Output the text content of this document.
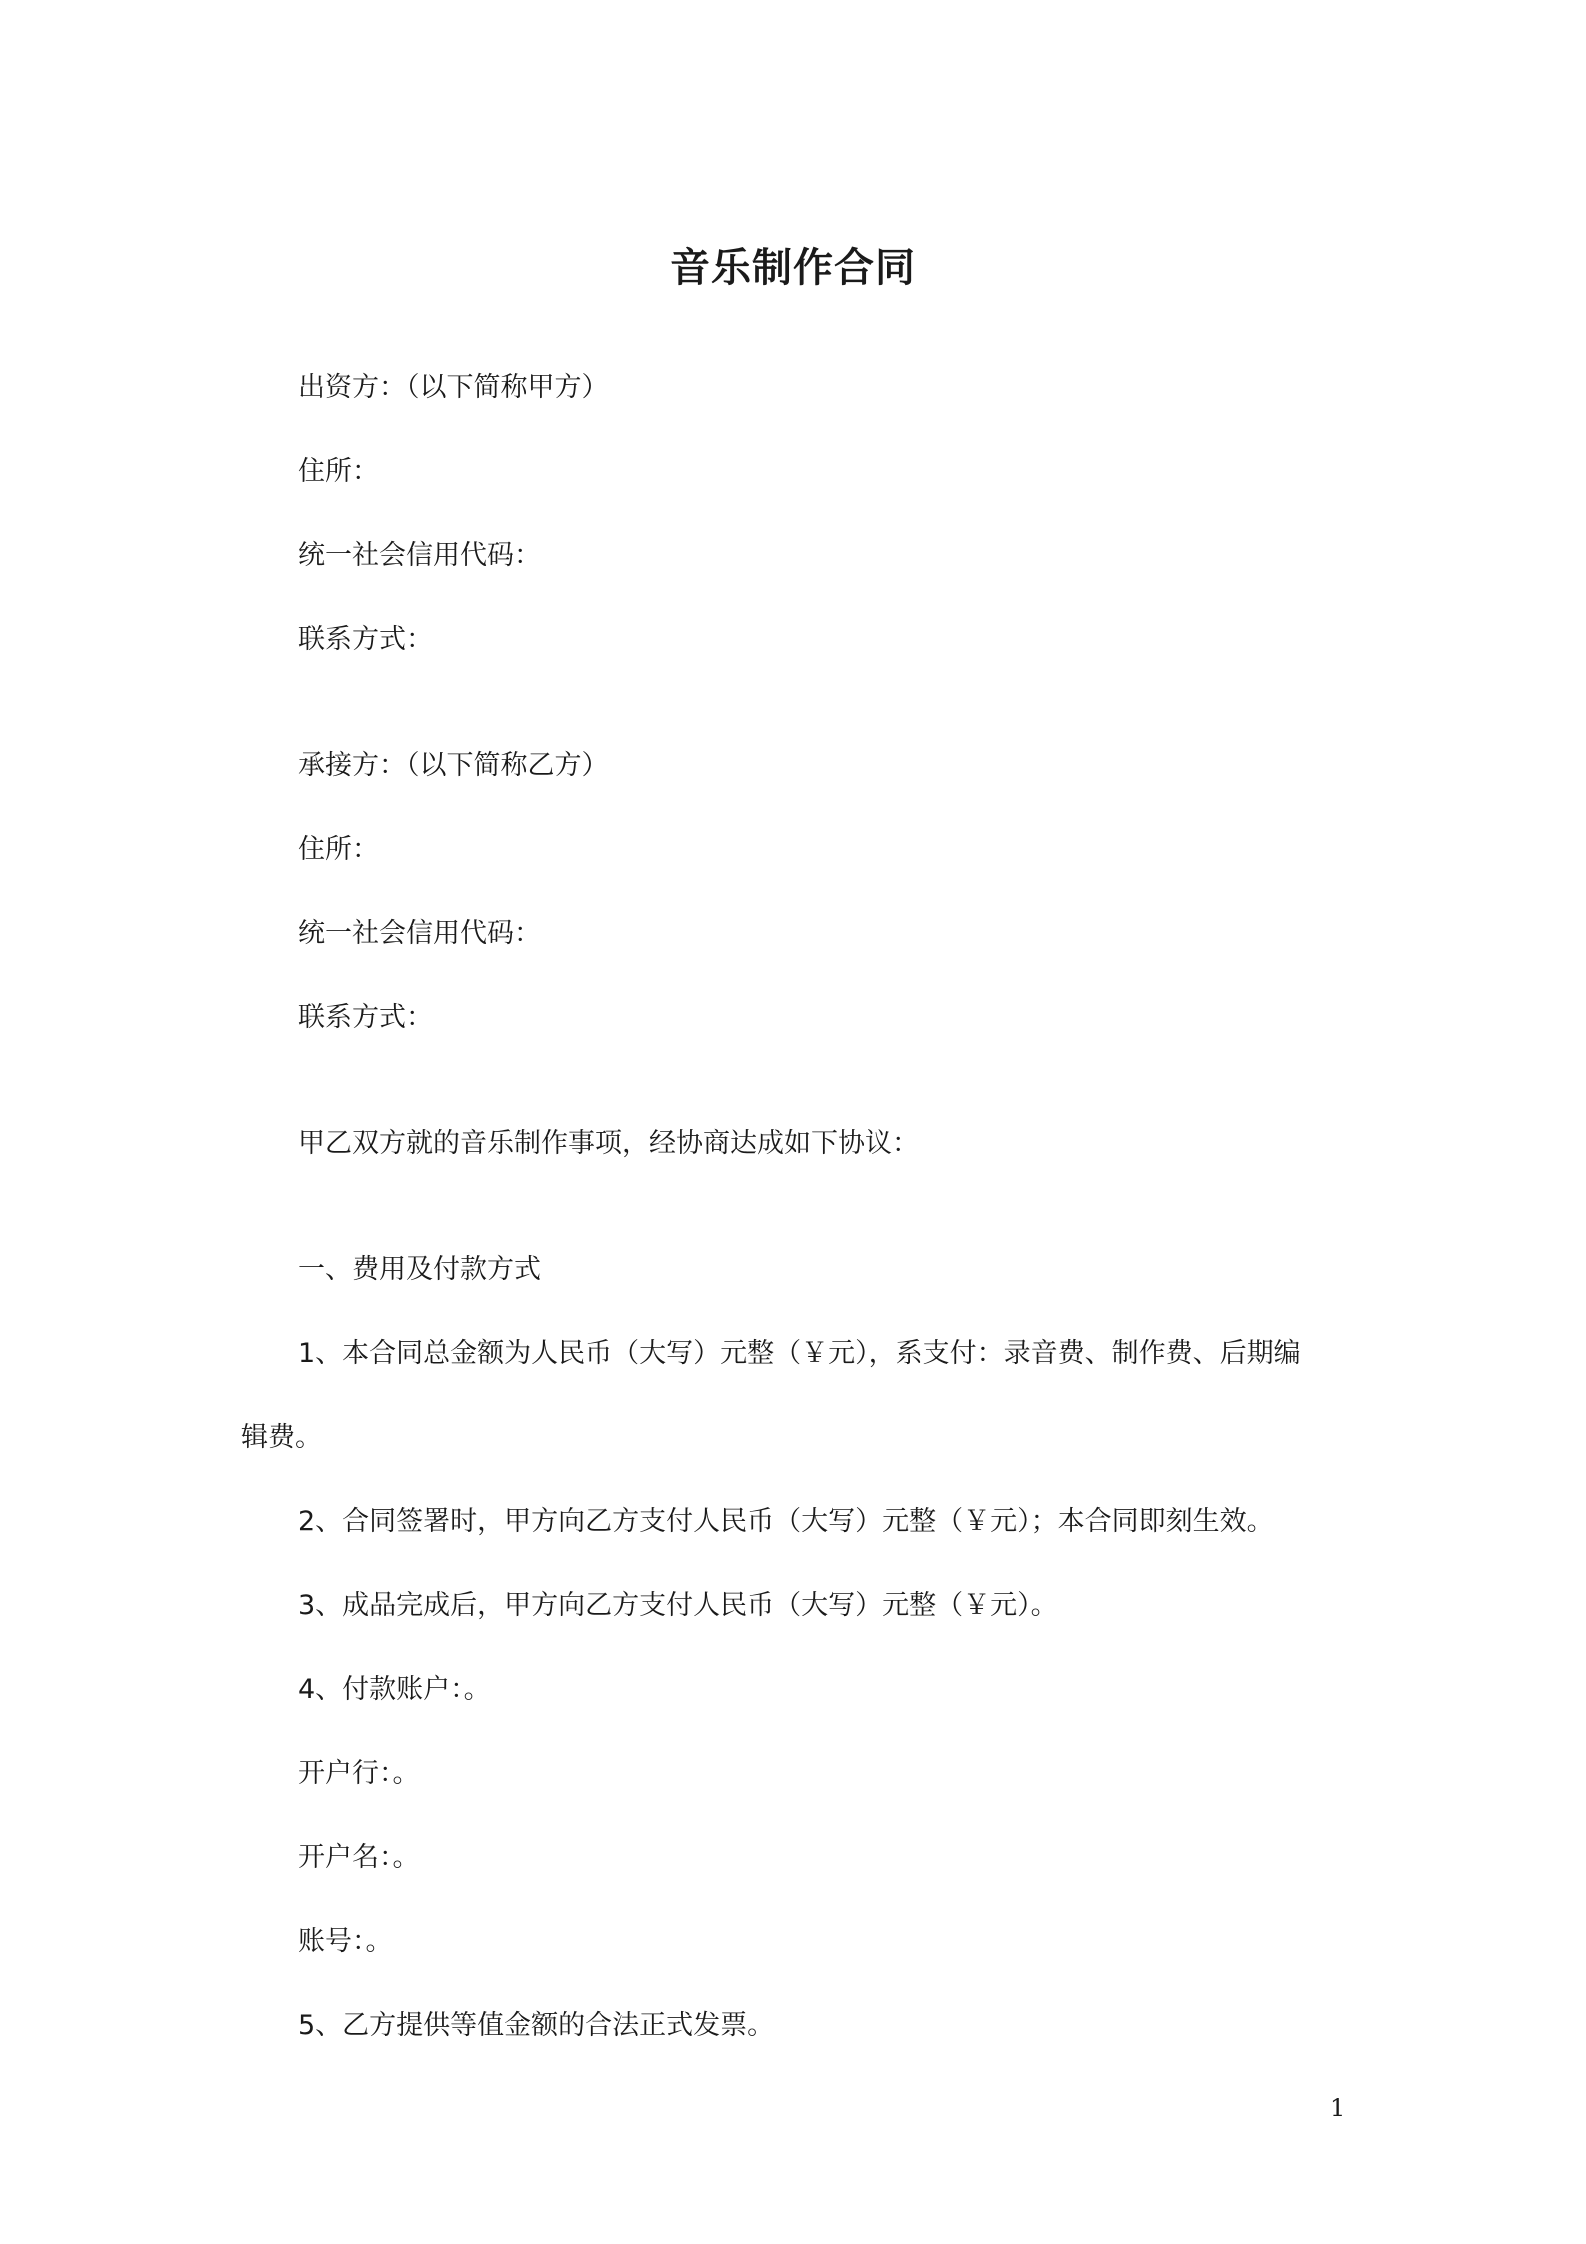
音乐制作合同
出资方：（以下简称甲方）
住所：
统一社会信用代码：
联系方式：
承接方：（以下简称乙方）
住所：
统一社会信用代码：
联系方式：
甲乙双方就的音乐制作事项，经协商达成如下协议：
一、费用及付款方式
1、本合同总金额为人民币（大写）元整（￥元），系支付：录音费、制作费、后期编
辑费。
2、合同签署时，甲方向乙方支付人民币（大写）元整（￥元）；本合同即刻生效。
3、成品完成后，甲方向乙方支付人民币（大写）元整（￥元）。
4、付款账户：。
开户行：。
开户名：。
账号：。
5、乙方提供等值金额的合法正式发票。
1
